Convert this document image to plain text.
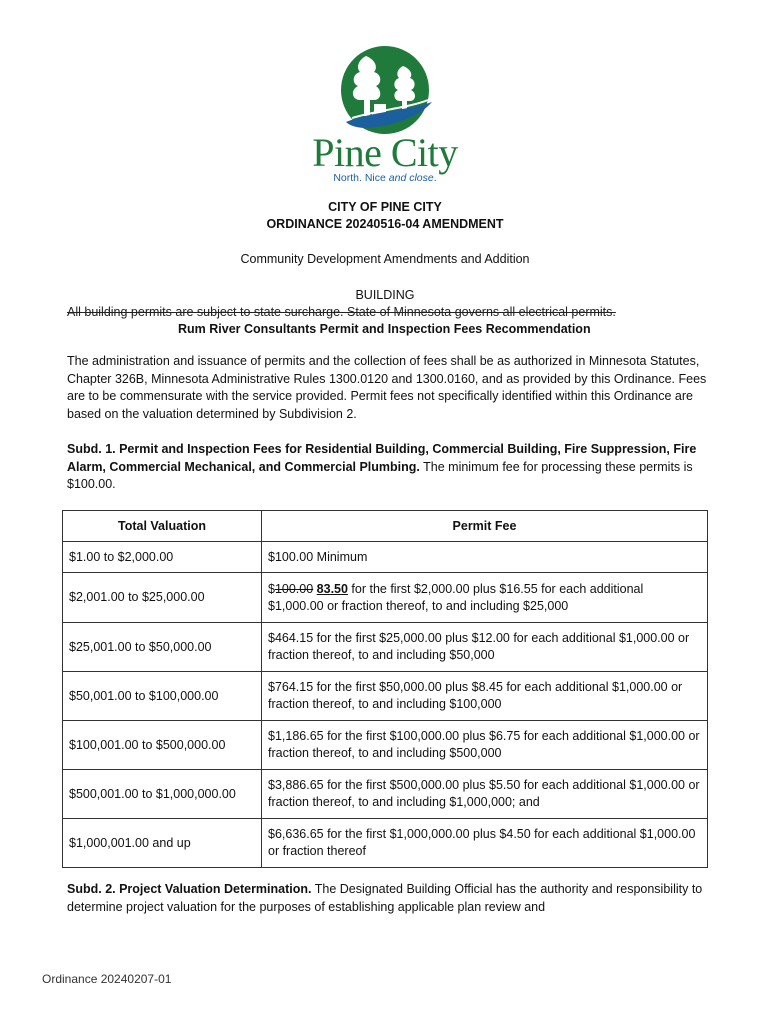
Pine City
North. Nice and close.
CITY OF PINE CITY
ORDINANCE 20240516-04 AMENDMENT
Community Development Amendments and Addition
BUILDING
All building permits are subject to state surcharge. State of Minnesota governs all electrical permits.
Rum River Consultants Permit and Inspection Fees Recommendation
The administration and issuance of permits and the collection of fees shall be as authorized in Minnesota Statutes, Chapter 326B, Minnesota Administrative Rules 1300.0120 and 1300.0160, and as provided by this Ordinance. Fees are to be commensurate with the service provided. Permit fees not specifically identified within this Ordinance are based on the valuation determined by Subdivision 2.
Subd. 1. Permit and Inspection Fees for Residential Building, Commercial Building, Fire Suppression, Fire Alarm, Commercial Mechanical, and Commercial Plumbing. The minimum fee for processing these permits is $100.00.
Total Valuation	Permit Fee
$1.00 to $2,000.00	$100.00 Minimum
$2,001.00 to $25,000.00	$100.00 83.50 for the first $2,000.00 plus $16.55 for each additional $1,000.00 or fraction thereof, to and including $25,000
$25,001.00 to $50,000.00	$464.15 for the first $25,000.00 plus $12.00 for each additional $1,000.00 or fraction thereof, to and including $50,000
$50,001.00 to $100,000.00	$764.15 for the first $50,000.00 plus $8.45 for each additional $1,000.00 or fraction thereof, to and including $100,000
$100,001.00 to $500,000.00	$1,186.65 for the first $100,000.00 plus $6.75 for each additional $1,000.00 or fraction thereof, to and including $500,000
$500,001.00 to $1,000,000.00	$3,886.65 for the first $500,000.00 plus $5.50 for each additional $1,000.00 or fraction thereof, to and including $1,000,000; and
$1,000,001.00 and up	$6,636.65 for the first $1,000,000.00 plus $4.50 for each additional $1,000.00 or fraction thereof
Subd. 2. Project Valuation Determination. The Designated Building Official has the authority and responsibility to determine project valuation for the purposes of establishing applicable plan review and
Ordinance 20240207-01
